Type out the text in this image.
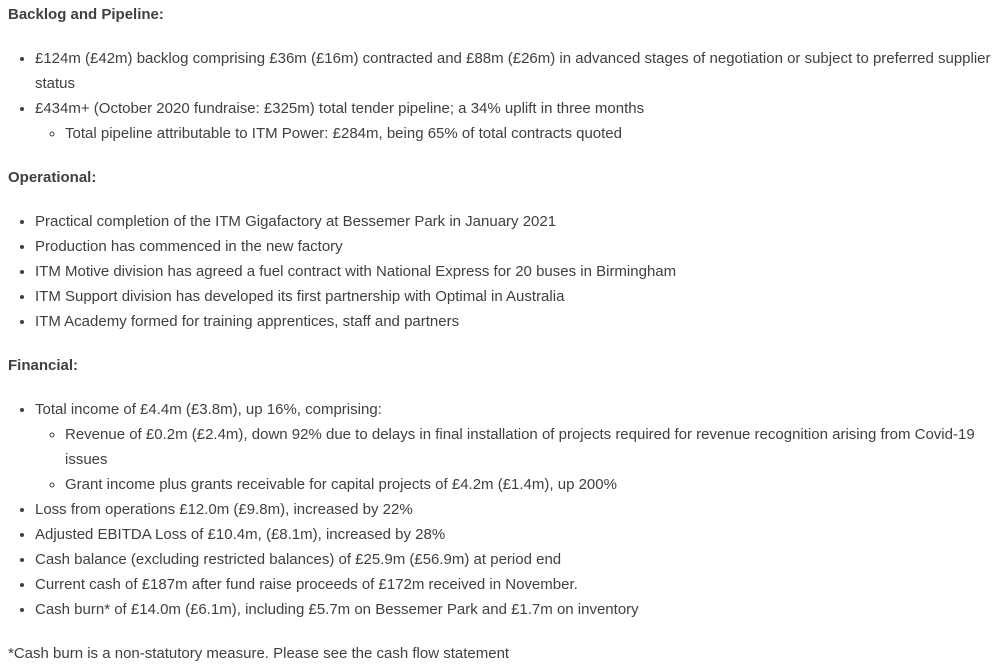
Backlog and Pipeline:

• £124m (£42m) backlog comprising £36m (£16m) contracted and £88m (£26m) in advanced stages of negotiation or subject to preferred supplier status
• £434m+ (October 2020 fundraise: £325m) total tender pipeline; a 34% uplift in three months
◦ Total pipeline attributable to ITM Power: £284m, being 65% of total contracts quoted

Operational:

• Practical completion of the ITM Gigafactory at Bessemer Park in January 2021
• Production has commenced in the new factory
• ITM Motive division has agreed a fuel contract with National Express for 20 buses in Birmingham
• ITM Support division has developed its first partnership with Optimal in Australia
• ITM Academy formed for training apprentices, staff and partners

Financial:

• Total income of £4.4m (£3.8m), up 16%, comprising:
◦ Revenue of £0.2m (£2.4m), down 92% due to delays in final installation of projects required for revenue recognition arising from Covid-19 issues
◦ Grant income plus grants receivable for capital projects of £4.2m (£1.4m), up 200%
• Loss from operations £12.0m (£9.8m), increased by 22%
• Adjusted EBITDA Loss of £10.4m, (£8.1m), increased by 28%
• Cash balance (excluding restricted balances) of £25.9m (£56.9m) at period end
• Current cash of £187m after fund raise proceeds of £172m received in November.
• Cash burn* of £14.0m (£6.1m), including £5.7m on Bessemer Park and £1.7m on inventory

*Cash burn is a non-statutory measure. Please see the cash flow statement
